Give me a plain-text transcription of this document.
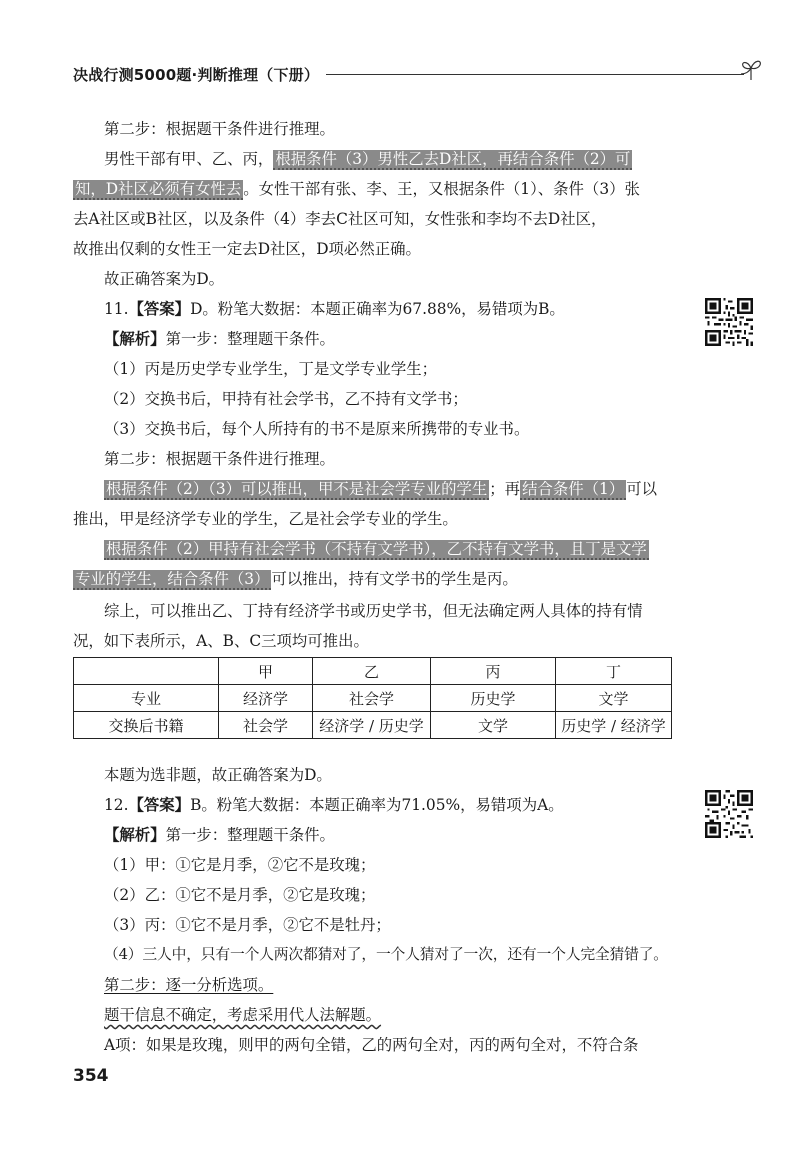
决战行测5000题·判断推理（下册）
第二步：根据题干条件进行推理。
男性干部有甲、乙、丙， 根据条件（3）男性乙去D社区，再结合条件（2）可
知，D社区必须有女性去 。女性干部有张、李、王，又根据条件（1）、条件（3）张
去A社区或B社区，以及条件（4）李去C社区可知，女性张和李均不去D社区，
故推出仅剩的女性王一定去D社区，D项必然正确。
故正确答案为D。
11.【答案】D。粉笔大数据：本题正确率为67.88%，易错项为B。
【解析】第一步：整理题干条件。
（1）丙是历史学专业学生，丁是文学专业学生；
（2）交换书后，甲持有社会学书，乙不持有文学书；
（3）交换书后，每个人所持有的书不是原来所携带的专业书。
第二步：根据题干条件进行推理。
根据条件（2）（3）可以推出，甲不是社会学专业的学生 ；再 结合条件（1） 可以
推出，甲是经济学专业的学生，乙是社会学专业的学生。
根据条件（2）甲持有社会学书（不持有文学书），乙不持有文学书，且丁是文学
专业的学生，结合条件（3） 可以推出，持有文学书的学生是丙。
综上，可以推出乙、丁持有经济学书或历史学书，但无法确定两人具体的持有情
况，如下表所示，A、B、C三项均可推出。
	甲	乙	丙	丁
专业	经济学	社会学	历史学	文学
交换后书籍	社会学	经济学 / 历史学	文学	历史学 / 经济学
本题为选非题，故正确答案为D。
12.【答案】B。粉笔大数据：本题正确率为71.05%，易错项为A。
【解析】第一步：整理题干条件。
（1）甲：①它是月季，②它不是玫瑰；
（2）乙：①它不是月季，②它是玫瑰；
（3）丙：①它不是月季，②它不是牡丹；
（4）三人中，只有一个人两次都猜对了，一个人猜对了一次，还有一个人完全猜错了。
第二步：逐一分析选项。
题干信息不确定，考虑采用代人法解题。
A项：如果是玫瑰，则甲的两句全错，乙的两句全对，丙的两句全对，不符合条
354
